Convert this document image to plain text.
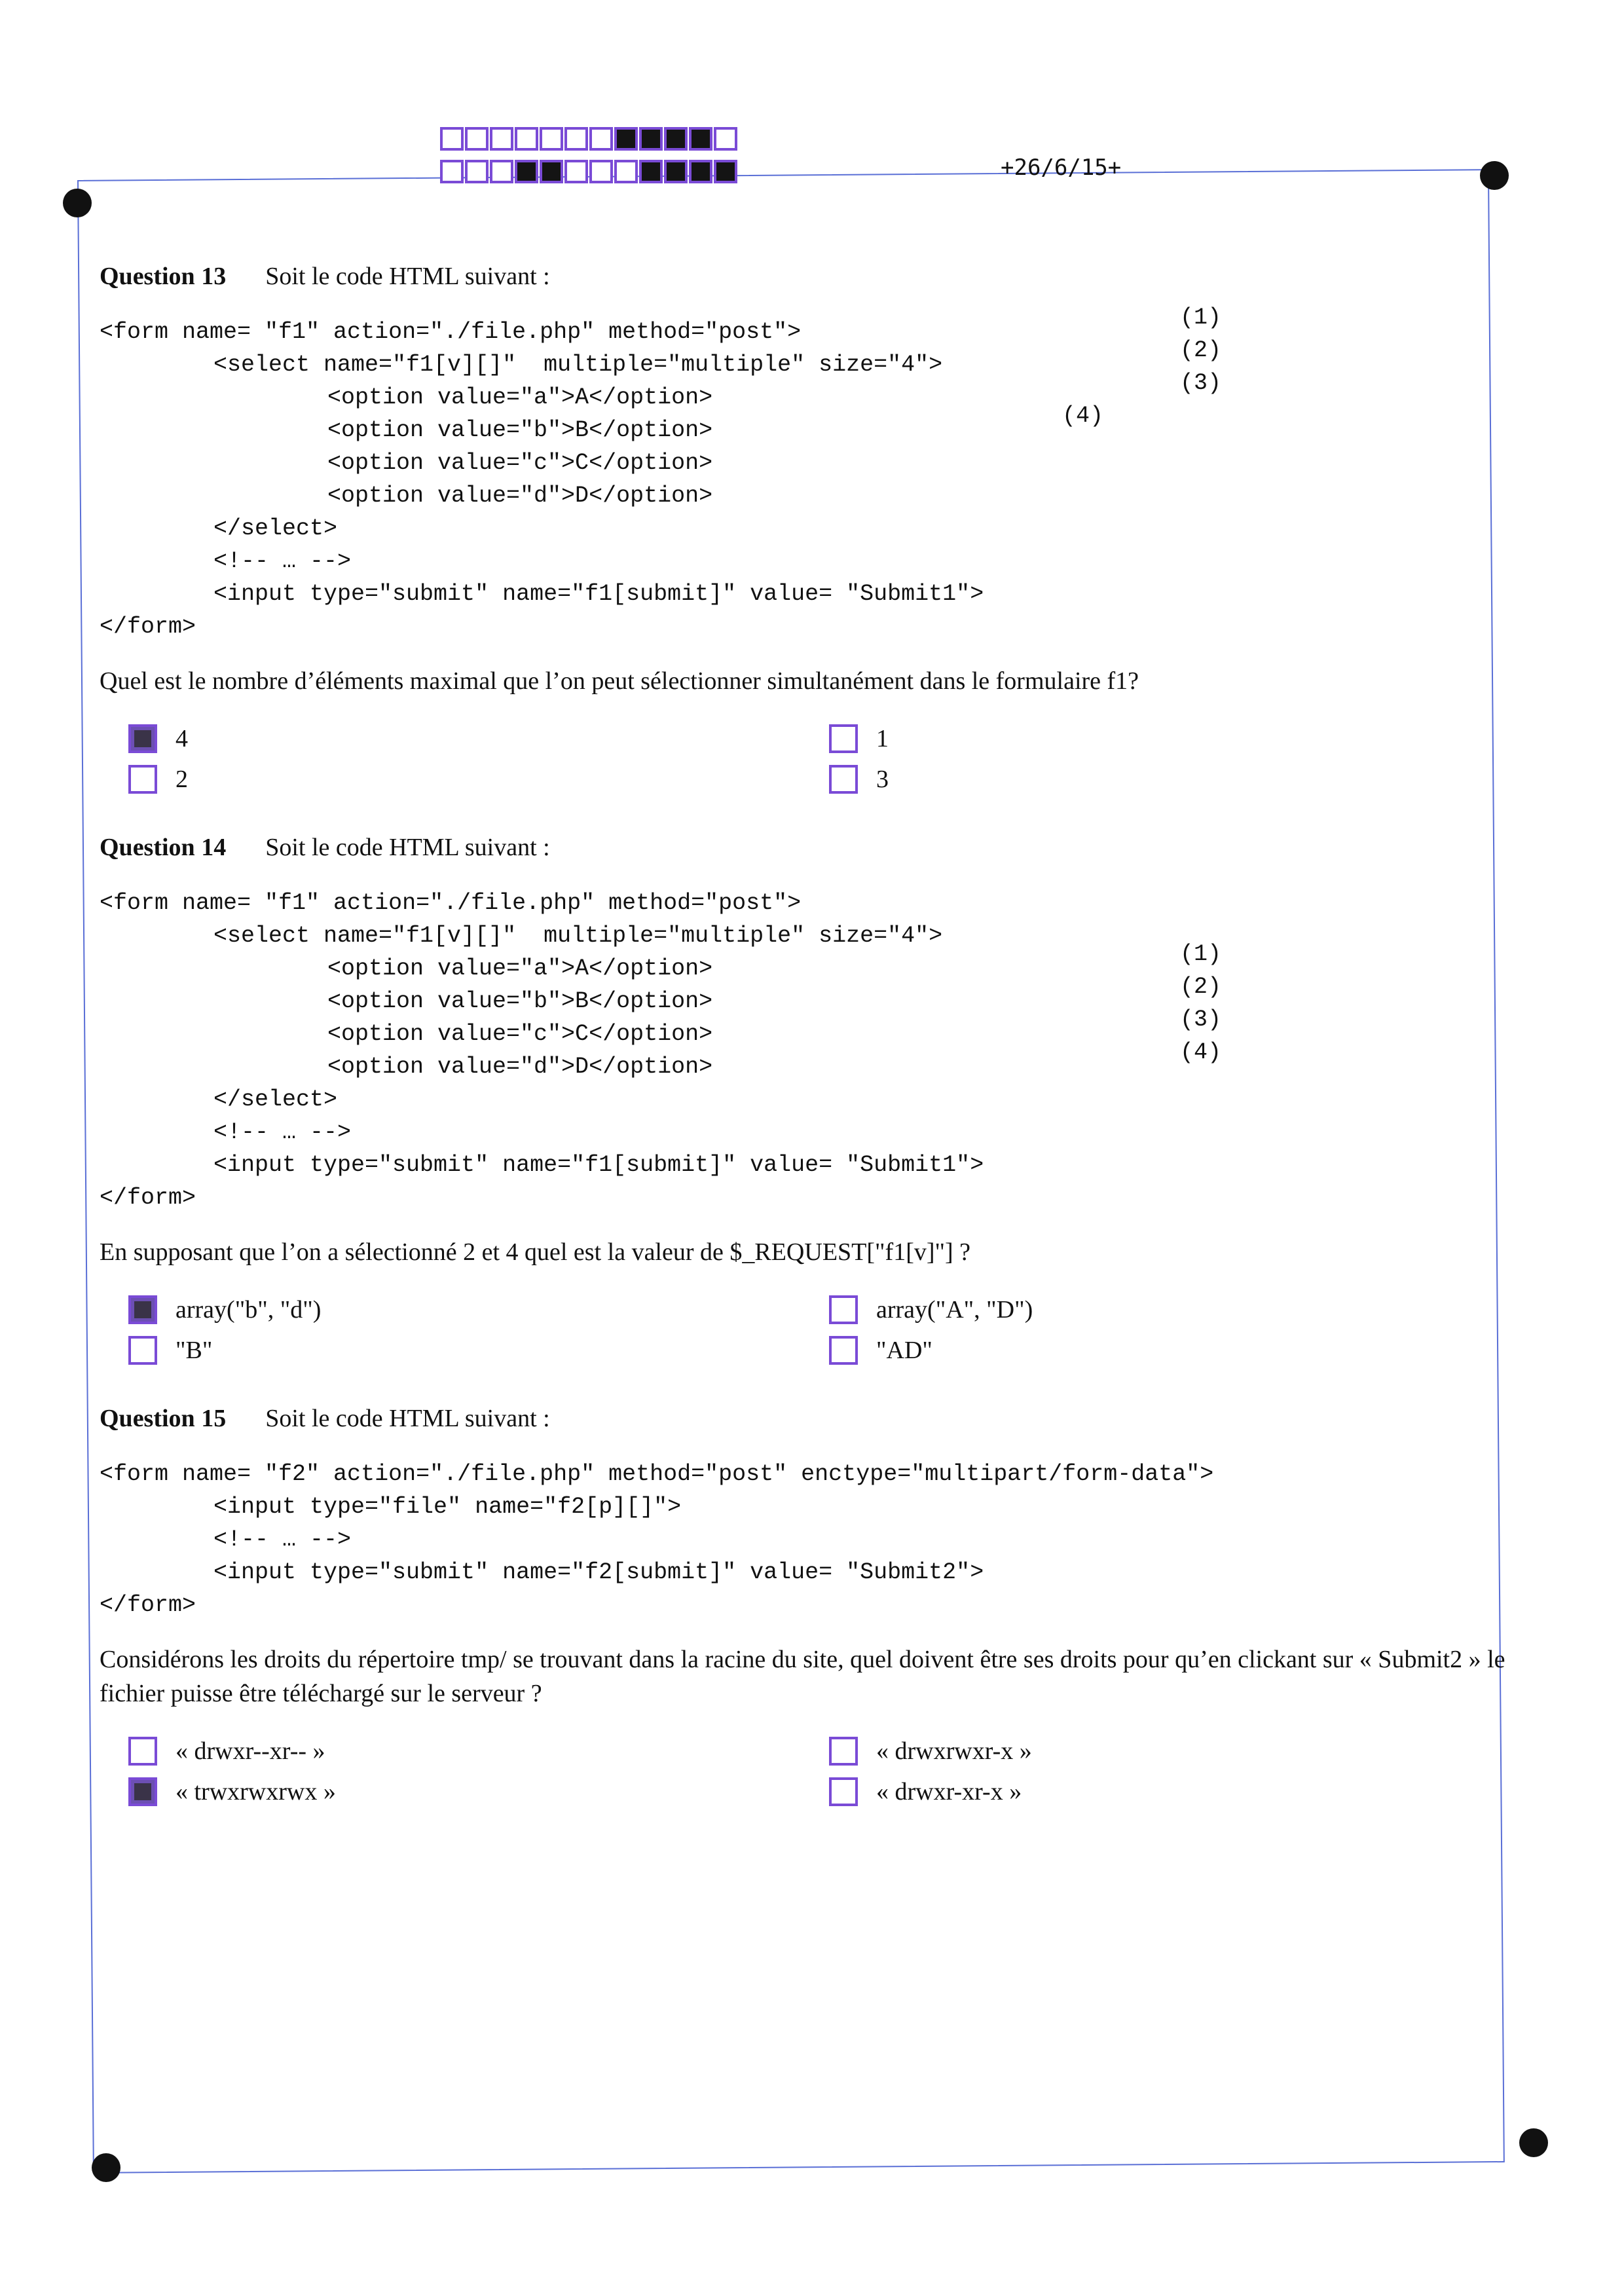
+26/6/15+
Question 13 Soit le code HTML suivant :
<form name= "f1" action="./file.php" method="post">
<select name="f1[v][]"  multiple="multiple" size="4">
<option value="a">A</option>
<option value="b">B</option>
<option value="c">C</option>
<option value="d">D</option>
</select>
<!-- … -->
<input type="submit" name="f1[submit]" value= "Submit1">
</form>
(1)
(2)
(3)
(4)
Quel est le nombre d’éléments maximal que l’on peut sélectionner simultanément dans le formulaire f1?
4	1
2	3
Question 14 Soit le code HTML suivant :
<form name= "f1" action="./file.php" method="post">
<select name="f1[v][]"  multiple="multiple" size="4">
<option value="a">A</option>
<option value="b">B</option>
<option value="c">C</option>
<option value="d">D</option>
</select>
<!-- … -->
<input type="submit" name="f1[submit]" value= "Submit1">
</form>
(1)
(2)
(3)
(4)
En supposant que l’on a sélectionné 2 et 4 quel est la valeur de $_REQUEST["f1[v]"] ?
array("b", "d")	array("A", "D")
"B"	"AD"
Question 15 Soit le code HTML suivant :
<form name= "f2" action="./file.php" method="post" enctype="multipart/form-data">
<input type="file" name="f2[p][]">
<!-- … -->
<input type="submit" name="f2[submit]" value= "Submit2">
</form>
Considérons les droits du répertoire tmp/ se trouvant dans la racine du site, quel doivent être ses droits pour qu’en clickant sur « Submit2 » le fichier puisse être téléchargé sur le serveur ?
« drwxr--xr-- »	« drwxrwxr-x »
« trwxrwxrwx »	« drwxr-xr-x »
